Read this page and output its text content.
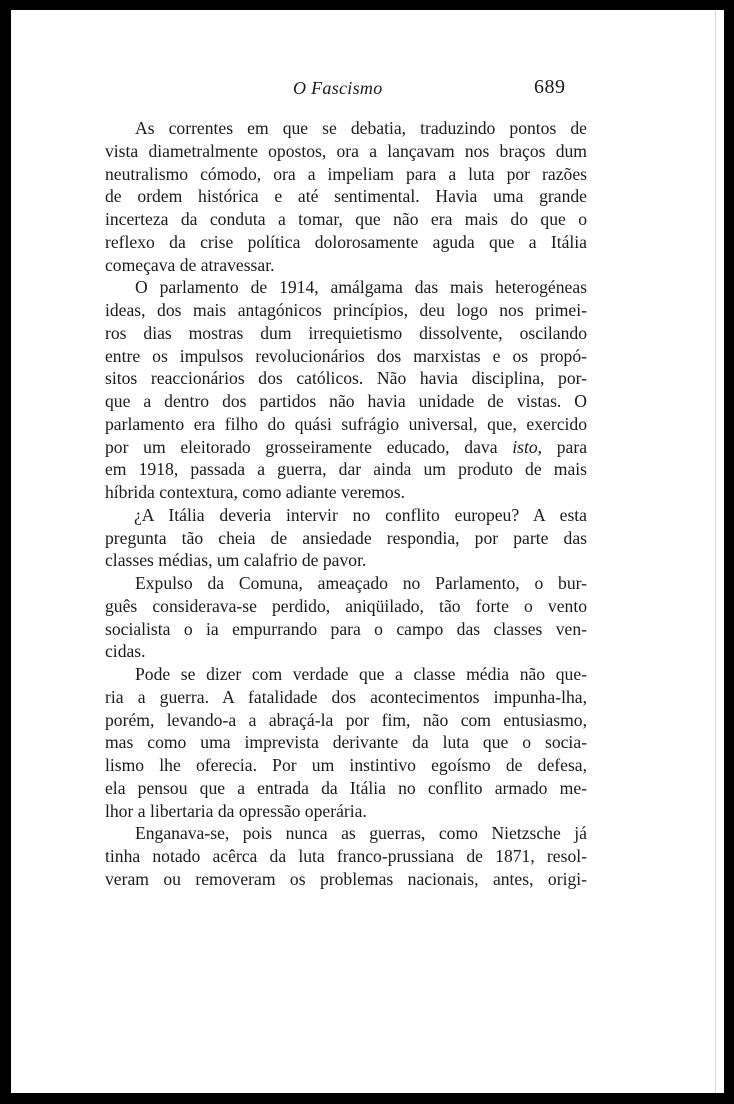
O Fascismo	689
As correntes em que se debatia, traduzindo pontos de
vista diametralmente opostos, ora a lançavam nos braços dum
neutralismo cómodo, ora a impeliam para a luta por razões
de ordem histórica e até sentimental. Havia uma grande
incerteza da conduta a tomar, que não era mais do que o
reflexo da crise política dolorosamente aguda que a Itália
começava de atravessar.
O parlamento de 1914, amálgama das mais heterogéneas
ideas, dos mais antagónicos princípios, deu logo nos primei-
ros dias mostras dum irrequietismo dissolvente, oscilando
entre os impulsos revolucionários dos marxistas e os propó-
sitos reaccionários dos católicos. Não havia disciplina, por-
que a dentro dos partidos não havia unidade de vistas. O
parlamento era filho do quási sufrágio universal, que, exercido
por um eleitorado grosseiramente educado, dava isto, para
em 1918, passada a guerra, dar ainda um produto de mais
híbrida contextura, como adiante veremos.
¿A Itália deveria intervir no conflito europeu? A esta
pregunta tão cheia de ansiedade respondia, por parte das
classes médias, um calafrio de pavor.
Expulso da Comuna, ameaçado no Parlamento, o bur-
guês considerava-se perdido, aniqüilado, tão forte o vento
socialista o ia empurrando para o campo das classes ven-
cidas.
Pode se dizer com verdade que a classe média não que-
ria a guerra. A fatalidade dos acontecimentos impunha-lha,
porém, levando-a a abraçá-la por fim, não com entusiasmo,
mas como uma imprevista derivante da luta que o socia-
lismo lhe oferecia. Por um instintivo egoísmo de defesa,
ela pensou que a entrada da Itália no conflito armado me-
lhor a libertaria da opressão operária.
Enganava-se, pois nunca as guerras, como Nietzsche já
tinha notado acêrca da luta franco-prussiana de 1871, resol-
veram ou removeram os problemas nacionais, antes, origi-
